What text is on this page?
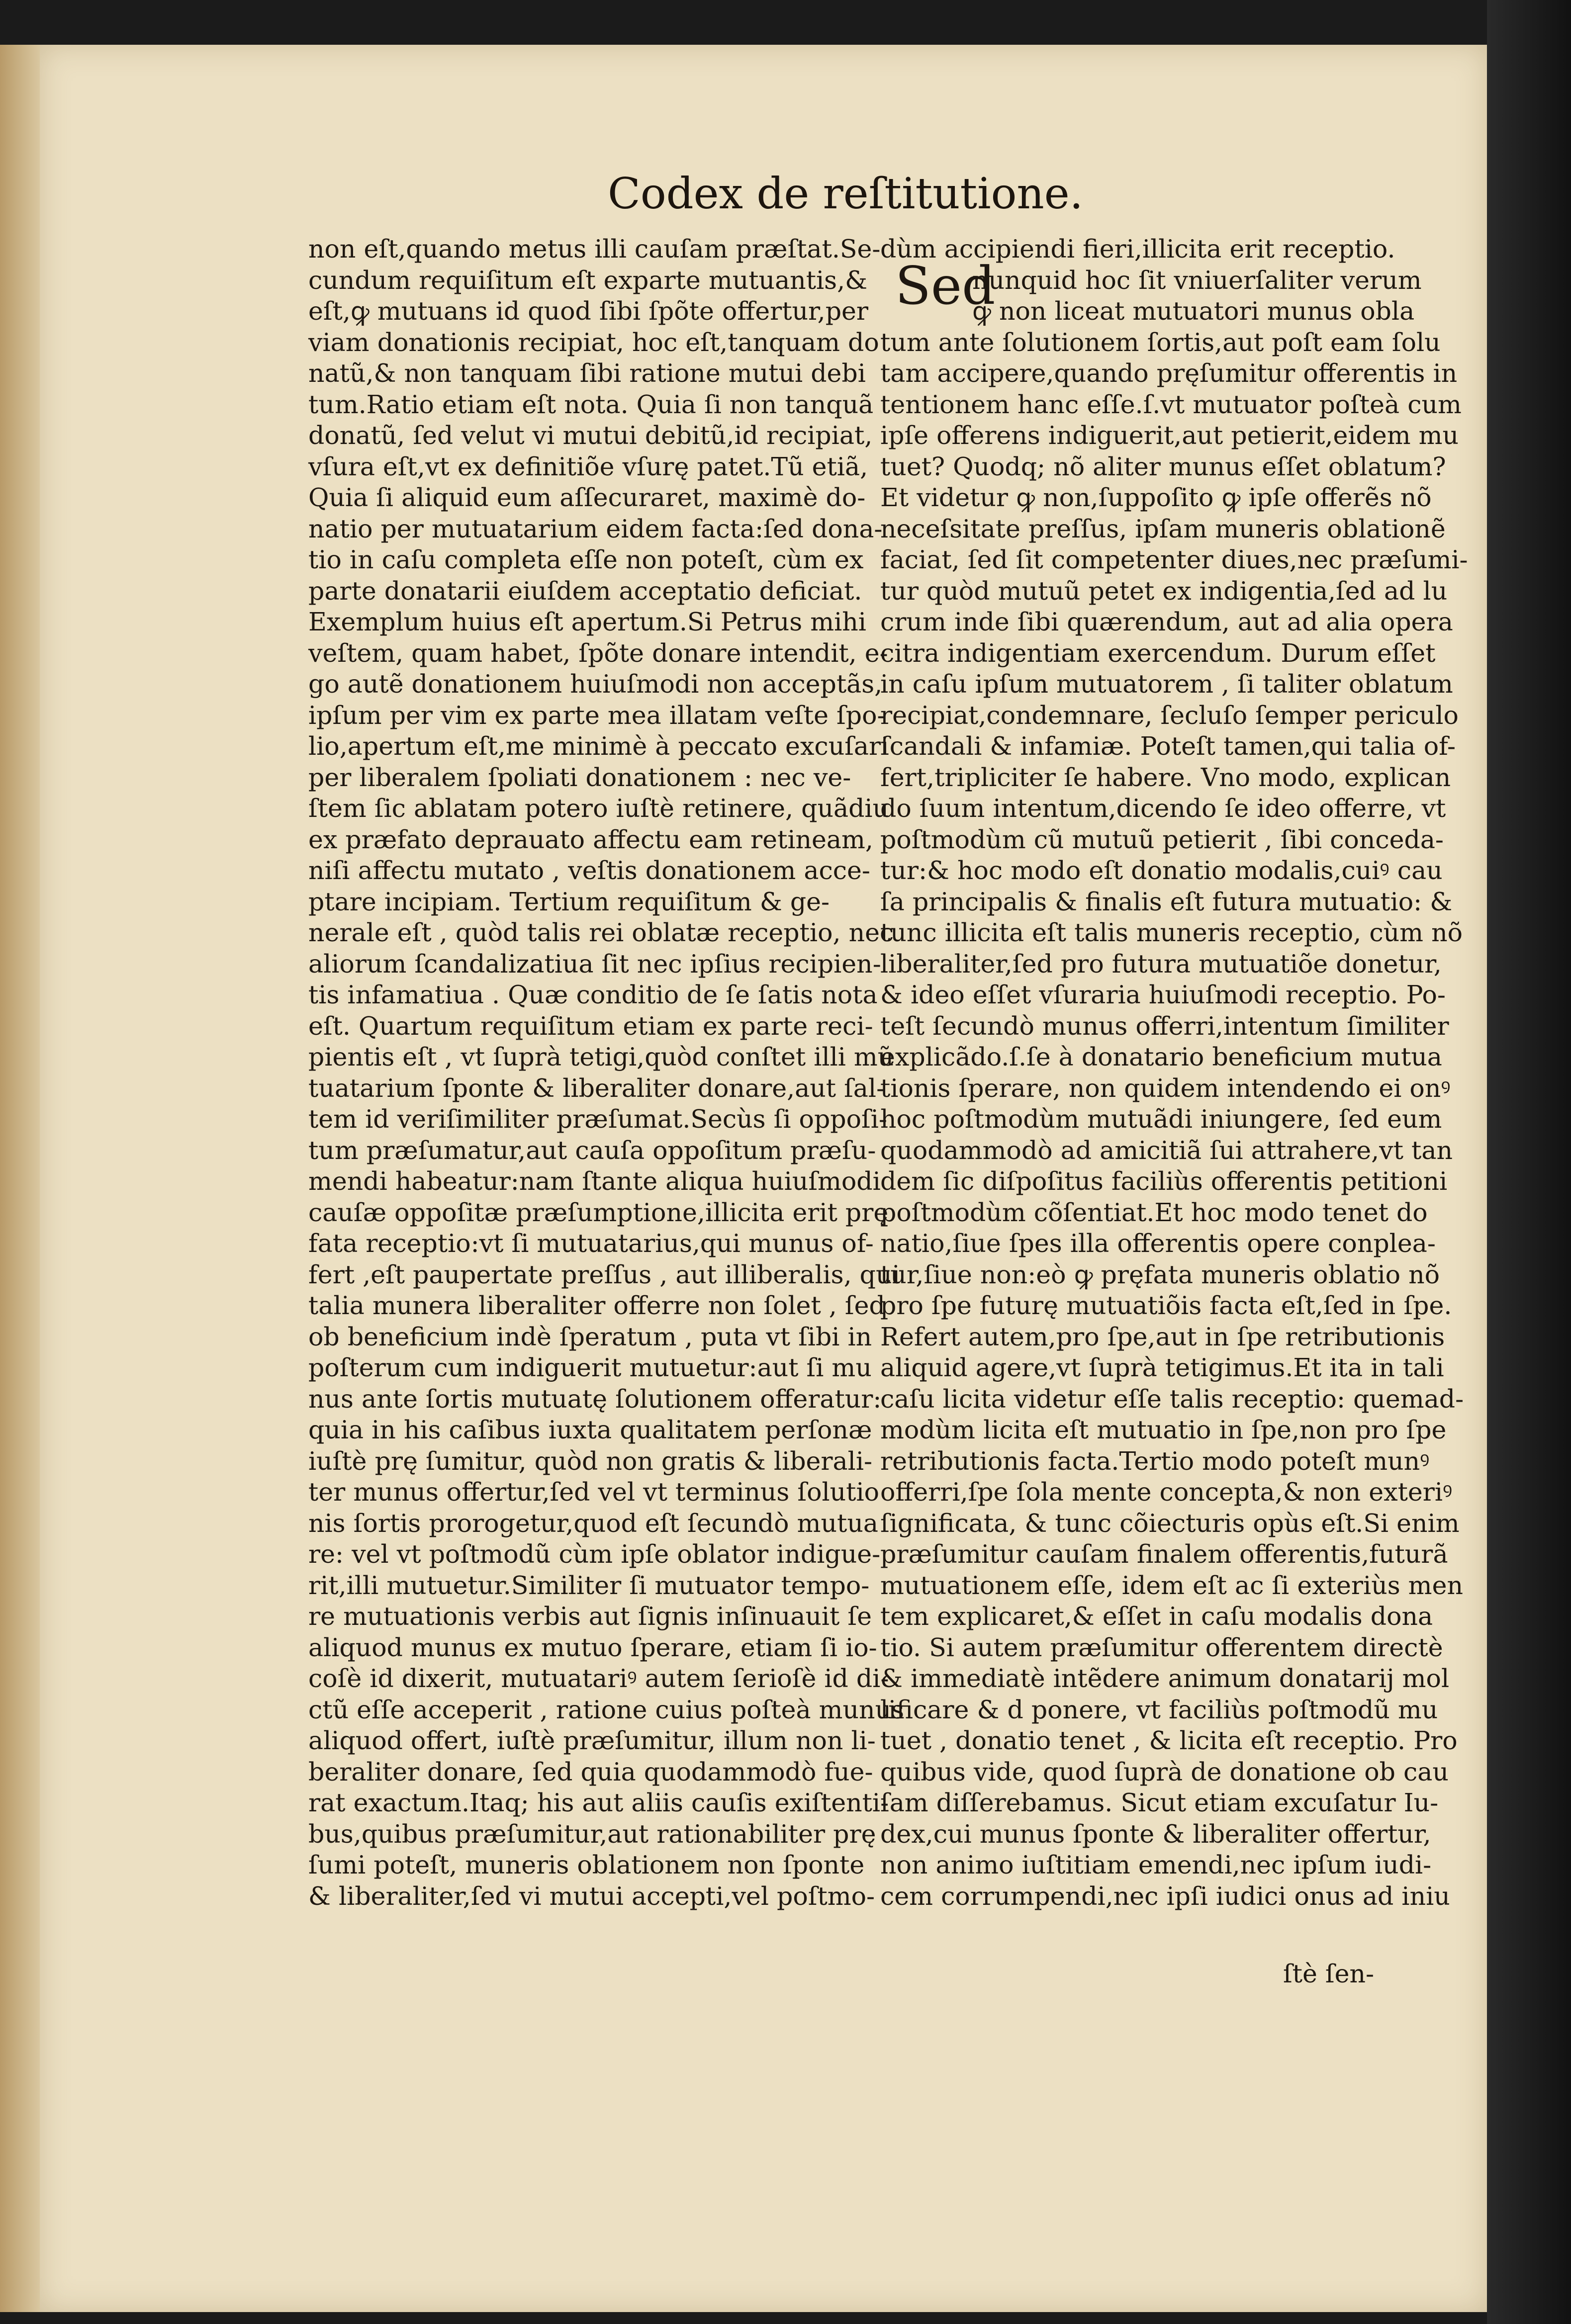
Codex de reſtitutione.
non eſt,quando metus illi cauſam præſtat.Se-
cundum requiſitum eſt exparte mutuantis,&
eſt,ꝙ mutuans id quod ſibi ſpõte offertur,per
viam donationis recipiat, hoc eſt,tanquam do
natũ,& non tanquam ſibi ratione mutui debi
tum.Ratio etiam eſt nota. Quia ſi non tanquã
donatũ, ſed velut vi mutui debitũ,id recipiat,
vſura eſt,vt ex definitiõe vſurę patet.Tũ etiã,
Quia ſi aliquid eum aſſecuraret, maximè do-
natio per mutuatarium eidem facta:ſed dona-
tio in caſu completa eſſe non poteſt, cùm ex
parte donatarii eiuſdem acceptatio deficiat.
Exemplum huius eſt apertum.Si Petrus mihi
veſtem, quam habet, ſpõte donare intendit, e-
go autẽ donationem huiuſmodi non acceptãs,
ipſum per vim ex parte mea illatam veſte ſpo-
lio,apertum eſt,me minimè à peccato excuſari
per liberalem ſpoliati donationem : nec ve-
ſtem ſic ablatam potero iuſtè retinere, quãdiu
ex præfato deprauato affectu eam retineam,
niſi affectu mutato , veſtis donationem acce-
ptare incipiam. Tertium requiſitum & ge-
nerale eſt , quòd talis rei oblatæ receptio, nec
aliorum ſcandalizatiua ſit nec ipſius recipien-
tis infamatiua . Quæ conditio de ſe ſatis nota
eſt. Quartum requiſitum etiam ex parte reci-
pientis eſt , vt ſuprà tetigi,quòd conſtet illi mũ
tuatarium ſponte & liberaliter donare,aut ſal-
tem id veriſimiliter præſumat.Secùs ſi oppoſi-
tum præſumatur,aut cauſa oppoſitum præſu-
mendi habeatur:nam ſtante aliqua huiuſmodi
cauſæ oppoſitæ præſumptione,illicita erit prę
fata receptio:vt ſi mutuatarius,qui munus of-
fert ,eſt paupertate preſſus , aut illiberalis, qui
talia munera liberaliter offerre non ſolet , ſed
ob beneficium indè ſperatum , puta vt ſibi in
poſterum cum indiguerit mutuetur:aut ſi mu
nus ante ſortis mutuatę ſolutionem offeratur:
quia in his caſibus iuxta qualitatem perſonæ
iuſtè prę ſumitur, quòd non gratis & liberali-
ter munus offertur,ſed vel vt terminus ſolutio
nis ſortis prorogetur,quod eſt ſecundò mutua
re: vel vt poſtmodũ cùm ipſe oblator indigue-
rit,illi mutuetur.Similiter ſi mutuator tempo-
re mutuationis verbis aut ſignis inſinuauit ſe
aliquod munus ex mutuo ſperare, etiam ſi io-
coſè id dixerit, mutuatariꝰ autem ſerioſè id di-
ctũ eſſe acceperit , ratione cuius poſteà munus
aliquod offert, iuſtè præſumitur, illum non li-
beraliter donare, ſed quia quodammodò fue-
rat exactum.Itaq; his aut aliis cauſis exiſtenti-
bus,quibus præſumitur,aut rationabiliter prę
ſumi poteſt, muneris oblationem non ſponte
& liberaliter,ſed vi mutui accepti,vel poſtmo-
dùm accipiendi fieri,illicita erit receptio.
Sed
nunquid hoc ſit vniuerſaliter verum
ꝙ non liceat mutuatori munus obla
tum ante ſolutionem ſortis,aut poſt eam ſolu
tam accipere,quando pręſumitur offerentis in
tentionem hanc eſſe.ſ.vt mutuator poſteà cum
ipſe offerens indiguerit,aut petierit,eidem mu
tuet? Quodq; nõ aliter munus eſſet oblatum?
Et videtur ꝙ non,ſuppoſito ꝙ ipſe offerẽs nõ
neceſsitate preſſus, ipſam muneris oblationẽ
faciat, ſed ſit competenter diues,nec præſumi-
tur quòd mutuũ petet ex indigentia,ſed ad lu
crum inde ſibi quærendum, aut ad alia opera
citra indigentiam exercendum. Durum eſſet
in caſu ipſum mutuatorem , ſi taliter oblatum
recipiat,condemnare, ſecluſo ſemper periculo
ſcandali & infamiæ. Poteſt tamen,qui talia of-
fert,tripliciter ſe habere. Vno modo, explican
do ſuum intentum,dicendo ſe ideo offerre, vt
poſtmodùm cũ mutuũ petierit , ſibi conceda-
tur:& hoc modo eſt donatio modalis,cuiꝰ cau
ſa principalis & finalis eſt futura mutuatio: &
tunc illicita eſt talis muneris receptio, cùm nõ
liberaliter,ſed pro futura mutuatiõe donetur,
& ideo eſſet vſuraria huiuſmodi receptio. Po-
teſt ſecundò munus offerri,intentum ſimiliter
explicãdo.ſ.ſe à donatario beneficium mutua
tionis ſperare, non quidem intendendo ei onꝰ
hoc poſtmodùm mutuãdi iniungere, ſed eum
quodammodò ad amicitiã ſui attrahere,vt tan
dem ſic diſpoſitus faciliùs offerentis petitioni
poſtmodùm cõſentiat.Et hoc modo tenet do
natio,ſiue ſpes illa offerentis opere conplea-
tur,ſiue non:eò ꝙ pręfata muneris oblatio nõ
pro ſpe futurę mutuatiõis facta eſt,ſed in ſpe.
Refert autem,pro ſpe,aut in ſpe retributionis
aliquid agere,vt ſuprà tetigimus.Et ita in tali
caſu licita videtur eſſe talis receptio: quemad-
modùm licita eſt mutuatio in ſpe,non pro ſpe
retributionis facta.Tertio modo poteſt munꝰ
offerri,ſpe ſola mente concepta,& non exteriꝰ
ſignificata, & tunc cõiecturis opùs eſt.Si enim
præſumitur cauſam finalem offerentis,futurã
mutuationem eſſe, idem eſt ac ſi exteriùs men
tem explicaret,& eſſet in caſu modalis dona
tio. Si autem præſumitur offerentem directè
& immediatè intẽdere animum donatarij mol
lificare & d ponere, vt faciliùs poſtmodũ mu
tuet , donatio tenet , & licita eſt receptio. Pro
quibus vide, quod ſuprà de donatione ob cau
ſam diſſerebamus. Sicut etiam excuſatur Iu-
dex,cui munus ſponte & liberaliter offertur,
non animo iuſtitiam emendi,nec ipſum iudi-
cem corrumpendi,nec ipſi iudici onus ad iniu
ſtè ſen-
